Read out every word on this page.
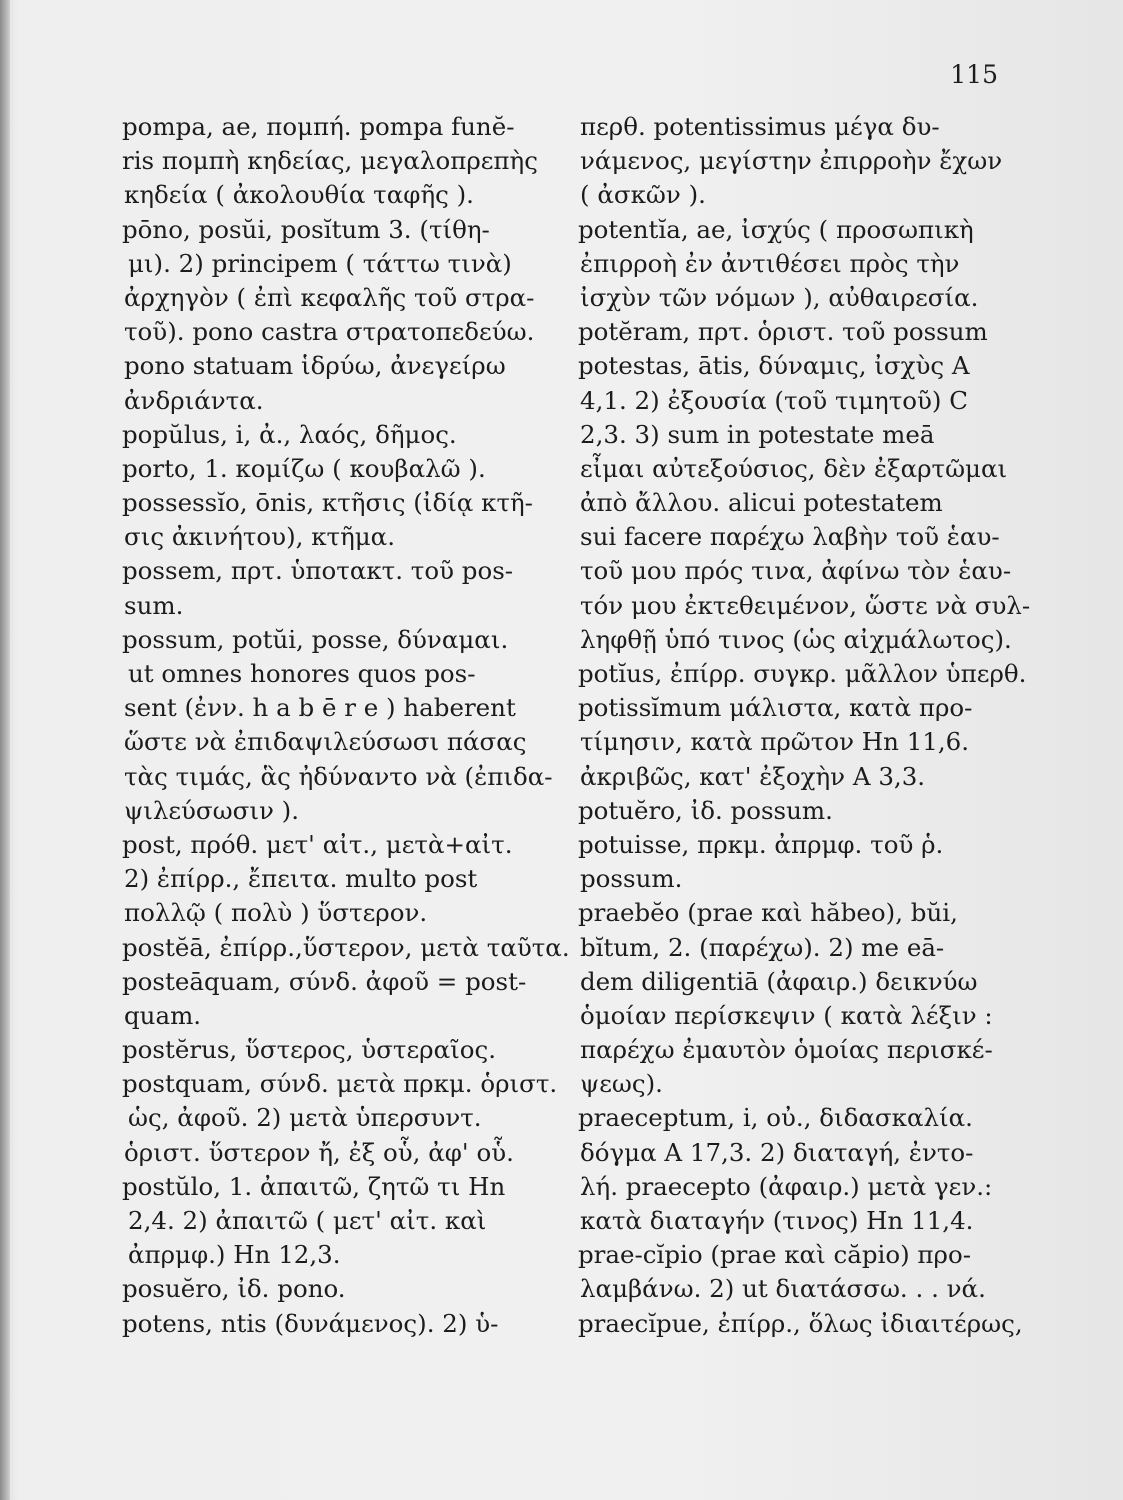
115
pompa, ae, πομπή. pompa funĕ-
ris πομπὴ κηδείας, μεγαλοπρεπὴς
κηδεία ( ἀκολουθία ταφῆς ).
pōno, posŭi, posĭtum 3. (τίθη-
μι). 2) principem ( τάττω τινὰ)
ἀρχηγὸν ( ἐπὶ κεφαλῆς τοῦ στρα-
τοῦ). pono castra στρατοπεδεύω.
pono statuam ἱδρύω, ἀνεγείρω
ἀνδριάντα.
popŭlus, i, ἀ., λαός, δῆμος.
porto, 1. κομίζω ( κουβαλῶ ).
possessĭo, ōnis, κτῆσις (ἰδίᾳ κτῆ-
σις ἀκινήτου), κτῆμα.
possem, πρτ. ὑποτακτ. τοῦ pos-
sum.
possum, potŭi, posse, δύναμαι.
ut omnes honores quos pos-
sent (ἐνν. h a b ē r e ) haberent
ὥστε νὰ ἐπιδαψιλεύσωσι πάσας
τὰς τιμάς, ἃς ἠδύναντο νὰ (ἐπιδα-
ψιλεύσωσιν ).
post, πρόθ. μετ' αἰτ., μετὰ+αἰτ.
2) ἐπίρρ., ἔπειτα. multo post
πολλῷ ( πολὺ ) ὕστερον.
postĕā, ἐπίρρ.,ὕστερον, μετὰ ταῦτα.
posteāquam, σύνδ. ἀφοῦ = post-
quam.
postĕrus, ὕστερος, ὑστεραῖος.
postquam, σύνδ. μετὰ πρκμ. ὁριστ.
ὡς, ἀφοῦ. 2) μετὰ ὑπερσυντ.
ὁριστ. ὕστερον ἤ, ἐξ οὗ, ἀφ' οὗ.
postŭlo, 1. ἀπαιτῶ, ζητῶ τι Hn
2,4. 2) ἀπαιτῶ ( μετ' αἰτ. καὶ
ἀπρμφ.) Hn 12,3.
posuĕro, ἰδ. pono.
potens, ntis (δυνάμενος). 2) ὑ-
περθ. potentissimus μέγα δυ-
νάμενος, μεγίστην ἐπιρροὴν ἔχων
( ἀσκῶν ).
potentĭa, ae, ἰσχύς ( προσωπικὴ
ἐπιρροὴ ἐν ἀντιθέσει πρὸς τὴν
ἰσχὺν τῶν νόμων ), αὐθαιρεσία.
potĕram, πρτ. ὁριστ. τοῦ possum
potestas, ātis, δύναμις, ἰσχὺς A
4,1. 2) ἐξουσία (τοῦ τιμητοῦ) C
2,3. 3) sum in potestate meā
εἶμαι αὐτεξούσιος, δὲν ἐξαρτῶμαι
ἀπὸ ἄλλου. alicui potestatem
sui facere παρέχω λαβὴν τοῦ ἑαυ-
τοῦ μου πρός τινα, ἀφίνω τὸν ἑαυ-
τόν μου ἐκτεθειμένον, ὥστε νὰ συλ-
ληφθῇ ὑπό τινος (ὡς αἰχμάλωτος).
potĭus, ἐπίρρ. συγκρ. μᾶλλον ὑπερθ.
potissĭmum μάλιστα, κατὰ προ-
τίμησιν, κατὰ πρῶτον Hn 11,6.
ἀκριβῶς, κατ' ἐξοχὴν A 3,3.
potuĕro, ἰδ. possum.
potuisse, πρκμ. ἀπρμφ. τοῦ ῥ.
possum.
praebĕo (prae καὶ hăbeo), bŭi,
bĭtum, 2. (παρέχω). 2) me eā-
dem diligentiā (ἀφαιρ.) δεικνύω
ὁμοίαν περίσκεψιν ( κατὰ λέξιν :
παρέχω ἐμαυτὸν ὁμοίας περισκέ-
ψεως).
praeceptum, i, οὐ., διδασκαλία.
δόγμα A 17,3. 2) διαταγή, ἐντο-
λή. praecepto (ἀφαιρ.) μετὰ γεν.:
κατὰ διαταγήν (τινος) Hn 11,4.
prae-cĭpio (prae καὶ căpio) προ-
λαμβάνω. 2) ut διατάσσω. . . νά.
praecĭpue, ἐπίρρ., ὅλως ἰδιαιτέρως,
